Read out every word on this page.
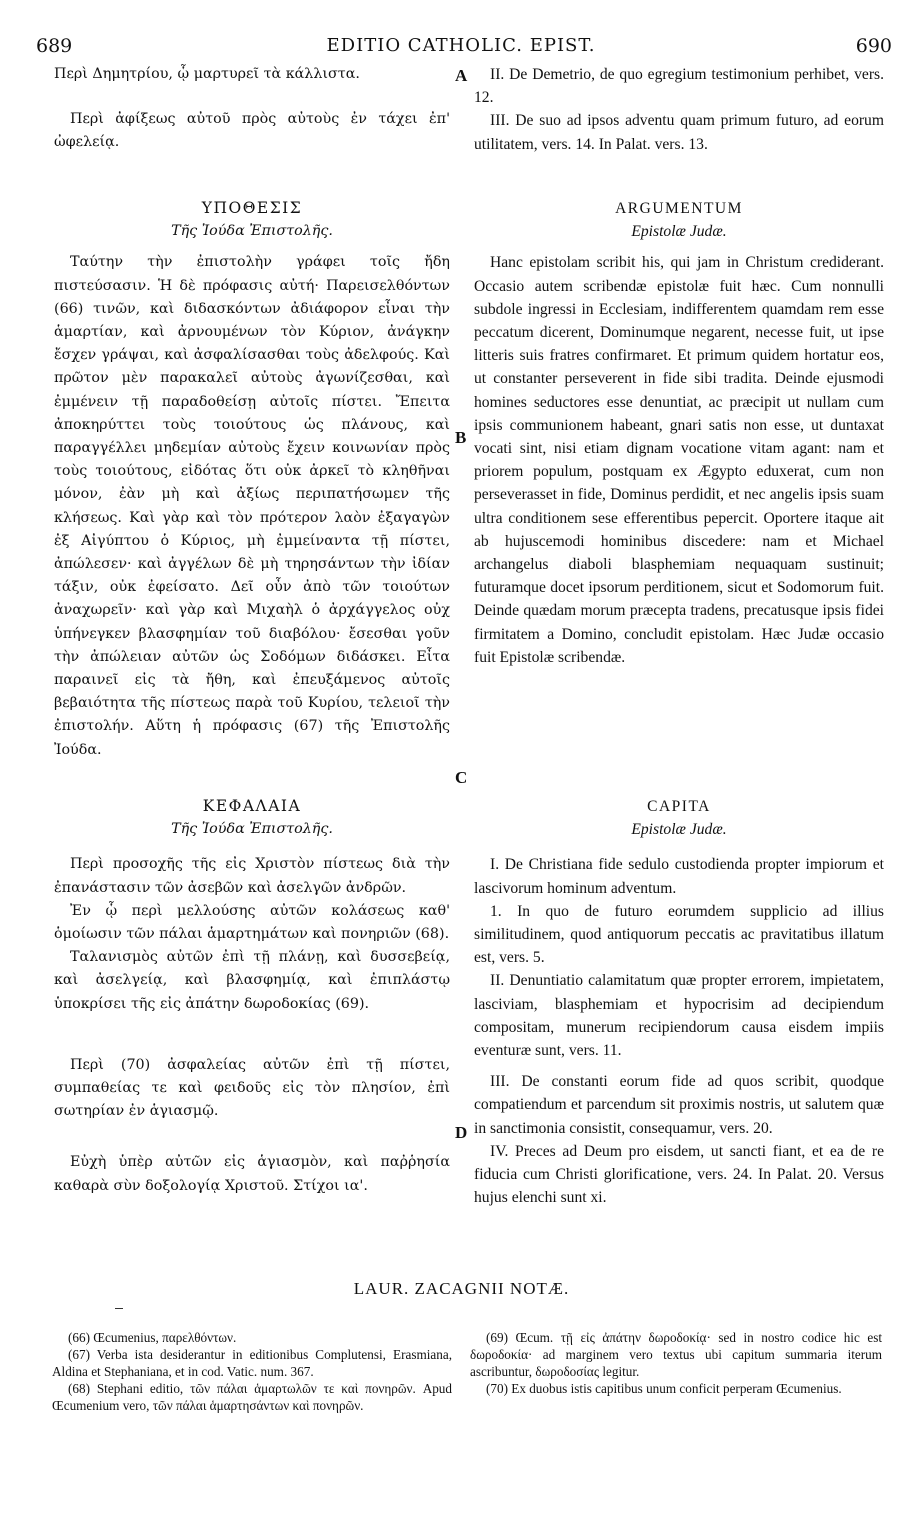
689	EDITIO CATHOLIC. EPIST.	690
A
B
C
D

Περὶ Δημητρίου, ᾧ μαρτυρεῖ τὰ κάλλιστα.

Περὶ ἀφίξεως αὐτοῦ πρὸς αὐτοὺς ἐν τάχει ἐπ' ὠφελείᾳ.

II. De Demetrio, de quo egregium testimonium perhibet, vers. 12.

III. De suo ad ipsos adventu quam primum futuro, ad eorum utilitatem, vers. 14. In Palat. vers. 13.

ΥΠΟΘΕΣΙΣ
Τῆς Ἰούδα Ἐπιστολῆς.

Ταύτην τὴν ἐπιστολὴν γράφει τοῖς ἤδη πιστεύσασιν. Ἡ δὲ πρόφασις αὐτή· Παρεισελθόντων (66) τινῶν, καὶ διδασκόντων ἀδιάφορον εἶναι τὴν ἁμαρτίαν, καὶ ἀρνουμένων τὸν Κύριον, ἀνάγκην ἔσχεν γράψαι, καὶ ἀσφαλίσασθαι τοὺς ἀδελφούς. Καὶ πρῶτον μὲν παρακαλεῖ αὐτοὺς ἀγωνίζεσθαι, καὶ ἐμμένειν τῇ παραδοθείσῃ αὐτοῖς πίστει. Ἔπειτα ἀποκηρύττει τοὺς τοιούτους ὡς πλάνους, καὶ παραγγέλλει μηδεμίαν αὐτοὺς ἔχειν κοινωνίαν πρὸς τοὺς τοιούτους, εἰδότας ὅτι οὐκ ἀρκεῖ τὸ κληθῆναι μόνον, ἐὰν μὴ καὶ ἀξίως περιπατήσωμεν τῆς κλήσεως. Καὶ γὰρ καὶ τὸν πρότερον λαὸν ἐξαγαγὼν ἐξ Αἰγύπτου ὁ Κύριος, μὴ ἐμμείναντα τῇ πίστει, ἀπώλεσεν· καὶ ἀγγέλων δὲ μὴ τηρησάντων τὴν ἰδίαν τάξιν, οὐκ ἐφείσατο. Δεῖ οὖν ἀπὸ τῶν τοιούτων ἀναχωρεῖν· καὶ γὰρ καὶ Μιχαὴλ ὁ ἀρχάγγελος οὐχ ὑπήνεγκεν βλασφημίαν τοῦ διαβόλου· ἔσεσθαι γοῦν τὴν ἀπώλειαν αὐτῶν ὡς Σοδόμων διδάσκει. Εἶτα παραινεῖ εἰς τὰ ἤθη, καὶ ἐπευξάμενος αὐτοῖς βεβαιότητα τῆς πίστεως παρὰ τοῦ Κυρίου, τελειοῖ τὴν ἐπιστολήν. Αὕτη ἡ πρόφασις (67) τῆς Ἐπιστολῆς Ἰούδα.

ARGUMENTUM
Epistolæ Judæ.

Hanc epistolam scribit his, qui jam in Christum crediderant. Occasio autem scribendæ epistolæ fuit hæc. Cum nonnulli subdole ingressi in Ecclesiam, indifferentem quamdam rem esse peccatum dicerent, Dominumque negarent, necesse fuit, ut ipse litteris suis fratres confirmaret. Et primum quidem hortatur eos, ut constanter perseverent in fide sibi tradita. Deinde ejusmodi homines seductores esse denuntiat, ac præcipit ut nullam cum ipsis communionem habeant, gnari satis non esse, ut duntaxat vocati sint, nisi etiam dignam vocatione vitam agant: nam et priorem populum, postquam ex Ægypto eduxerat, cum non perseverasset in fide, Dominus perdidit, et nec angelis ipsis suam ultra conditionem sese efferentibus pepercit. Oportere itaque ait ab hujuscemodi hominibus discedere: nam et Michael archangelus diaboli blasphemiam nequaquam sustinuit; futuramque docet ipsorum perditionem, sicut et Sodomorum fuit. Deinde quædam morum præcepta tradens, precatusque ipsis fidei firmitatem a Domino, concludit epistolam. Hæc Judæ occasio fuit Epistolæ scribendæ.

ΚΕΦΑΛΑΙΑ
Τῆς Ἰούδα Ἐπιστολῆς.

Περὶ προσοχῆς τῆς εἰς Χριστὸν πίστεως διὰ τὴν ἐπανάστασιν τῶν ἀσεβῶν καὶ ἀσελγῶν ἀνδρῶν.

Ἐν ᾧ περὶ μελλούσης αὐτῶν κολάσεως καθ' ὁμοίωσιν τῶν πάλαι ἁμαρτημάτων καὶ πονηριῶν (68).

Ταλανισμὸς αὐτῶν ἐπὶ τῇ πλάνῃ, καὶ δυσσεβείᾳ, καὶ ἀσελγείᾳ, καὶ βλασφημίᾳ, καὶ ἐπιπλάστῳ ὑποκρίσει τῆς εἰς ἀπάτην δωροδοκίας (69).

Περὶ (70) ἀσφαλείας αὐτῶν ἐπὶ τῇ πίστει, συμπαθείας τε καὶ φειδοῦς εἰς τὸν πλησίον, ἐπὶ σωτηρίαν ἐν ἁγιασμῷ.

Εὐχὴ ὑπὲρ αὐτῶν εἰς ἁγιασμὸν, καὶ παῤῥησία καθαρὰ σὺν δοξολογίᾳ Χριστοῦ. Στίχοι ια'.

CAPITA
Epistolæ Judæ.

I. De Christiana fide sedulo custodienda propter impiorum et lascivorum hominum adventum.

1. In quo de futuro eorumdem supplicio ad illius similitudinem, quod antiquorum peccatis ac pravitatibus illatum est, vers. 5.

II. Denuntiatio calamitatum quæ propter errorem, impietatem, lasciviam, blasphemiam et hypocrisim ad decipiendum compositam, munerum recipiendorum causa eisdem impiis eventuræ sunt, vers. 11.

III. De constanti eorum fide ad quos scribit, quodque compatiendum et parcendum sit proximis nostris, ut salutem quæ in sanctimonia consistit, consequamur, vers. 20.

IV. Preces ad Deum pro eisdem, ut sancti fiant, et ea de re fiducia cum Christi glorificatione, vers. 24. In Palat. 20. Versus hujus elenchi sunt xi.

LAUR. ZACAGNII NOTÆ.

(66) Œcumenius, παρελθόντων.

(67) Verba ista desiderantur in editionibus Complutensi, Erasmiana, Aldina et Stephaniana, et in cod. Vatic. num. 367.

(68) Stephani editio, τῶν πάλαι ἁμαρτωλῶν τε καὶ πονηρῶν. Apud Œcumenium vero, τῶν πάλαι ἁμαρτησάντων καὶ πονηρῶν.

(69) Œcum. τῇ εἰς ἀπάτην δωροδοκίᾳ· sed in nostro codice hic est δωροδοκία· ad marginem vero textus ubi capitum summaria iterum ascribuntur, δωροδοσίας legitur.

(70) Ex duobus istis capitibus unum conficit perperam Œcumenius.
